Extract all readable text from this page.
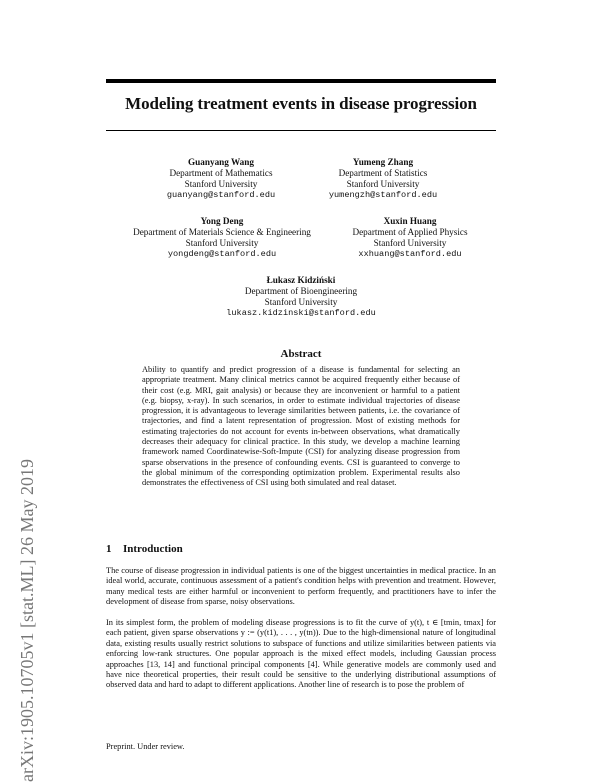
Modeling treatment events in disease progression
arXiv:1905.10705v1 [stat.ML] 26 May 2019
Guanyang Wang
Department of Mathematics
Stanford University
guanyang@stanford.edu
Yumeng Zhang
Department of Statistics
Stanford University
yumengzh@stanford.edu
Yong Deng
Department of Materials Science & Engineering
Stanford University
yongdeng@stanford.edu
Xuxin Huang
Department of Applied Physics
Stanford University
xxhuang@stanford.edu
Łukasz Kidziński
Department of Bioengineering
Stanford University
lukasz.kidzinski@stanford.edu
Abstract
Ability to quantify and predict progression of a disease is fundamental for selecting an appropriate treatment. Many clinical metrics cannot be acquired frequently either because of their cost (e.g. MRI, gait analysis) or because they are inconvenient or harmful to a patient (e.g. biopsy, x-ray). In such scenarios, in order to estimate individual trajectories of disease progression, it is advantageous to leverage similarities between patients, i.e. the covariance of trajectories, and find a latent representation of progression. Most of existing methods for estimating trajectories do not account for events in-between observations, what dramatically decreases their adequacy for clinical practice. In this study, we develop a machine learning framework named Coordinatewise-Soft-Impute (CSI) for analyzing disease progression from sparse observations in the presence of confounding events. CSI is guaranteed to converge to the global minimum of the corresponding optimization problem. Experimental results also demonstrates the effectiveness of CSI using both simulated and real dataset.
1 Introduction
The course of disease progression in individual patients is one of the biggest uncertainties in medical practice. In an ideal world, accurate, continuous assessment of a patient's condition helps with prevention and treatment. However, many medical tests are either harmful or inconvenient to perform frequently, and practitioners have to infer the development of disease from sparse, noisy observations.
In its simplest form, the problem of modeling disease progressions is to fit the curve of y(t), t ∈ [tmin, tmax] for each patient, given sparse observations y := (y(t1), . . . , y(tn)). Due to the high-dimensional nature of longitudinal data, existing results usually restrict solutions to subspace of functions and utilize similarities between patients via enforcing low-rank structures. One popular approach is the mixed effect models, including Gaussian process approaches [13, 14] and functional principal components [4]. While generative models are commonly used and have nice theoretical properties, their result could be sensitive to the underlying distributional assumptions of observed data and hard to adapt to different applications. Another line of research is to pose the problem of
Preprint. Under review.
